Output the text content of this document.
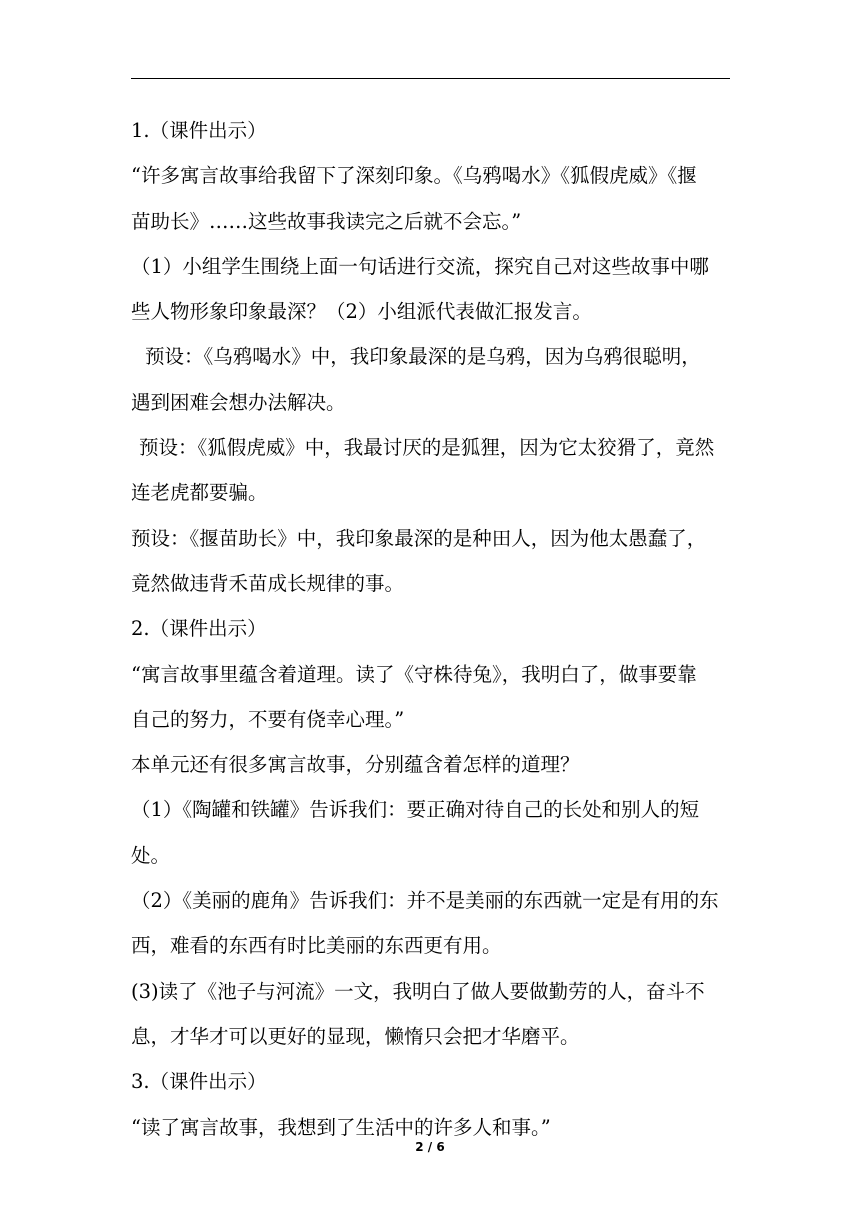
1.（课件出示）

“许多寓言故事给我留下了深刻印象。《乌鸦喝水》《狐假虎威》《揠

苗助长》……这些故事我读完之后就不会忘。”

（1）小组学生围绕上面一句话进行交流，探究自己对这些故事中哪

些人物形象印象最深？（2）小组派代表做汇报发言。

预设：《乌鸦喝水》中，我印象最深的是乌鸦，因为乌鸦很聪明，

遇到困难会想办法解决。

预设：《狐假虎威》中，我最讨厌的是狐狸，因为它太狡猾了，竟然

连老虎都要骗。

预设：《揠苗助长》中，我印象最深的是种田人，因为他太愚蠢了，

竟然做违背禾苗成长规律的事。

2.（课件出示）

“寓言故事里蕴含着道理。读了《守株待兔》，我明白了，做事要靠

自己的努力，不要有侥幸心理。”

本单元还有很多寓言故事，分别蕴含着怎样的道理？

（1）《陶罐和铁罐》告诉我们：要正确对待自己的长处和别人的短处。

（2）《美丽的鹿角》告诉我们：并不是美丽的东西就一定是有用的东

西，难看的东西有时比美丽的东西更有用。

(3)读了《池子与河流》一文，我明白了做人要做勤劳的人，奋斗不

息，才华才可以更好的显现，懒惰只会把才华磨平。

3.（课件出示）

“读了寓言故事，我想到了生活中的许多人和事。”

2 / 6
